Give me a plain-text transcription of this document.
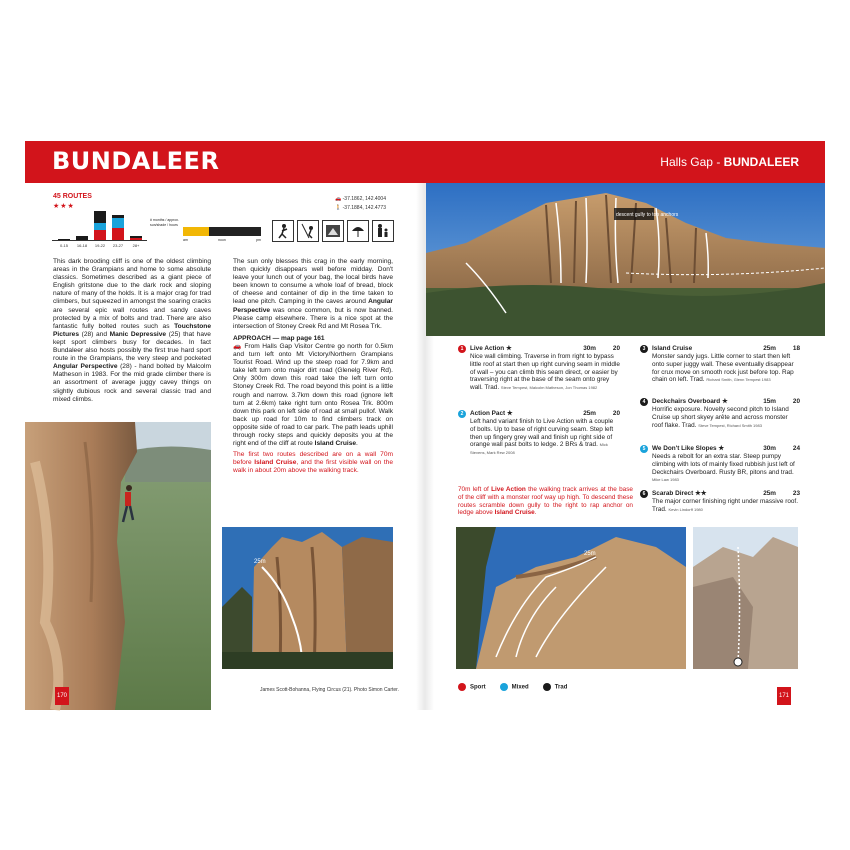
BUNDALEER	Halls Gap - BUNDALEER
45 ROUTES
★★★
0-15	16-18	19-22	23-27	28+
# months / approx. sun/shade / hours
am	noon	pm
🚗 -37.1862, 142.4004
🚶 -37.1884, 142.4773

This dark brooding cliff is one of the oldest climbing areas in the Grampians and home to some absolute classics. Sometimes described as a giant piece of English gritstone due to the dark rock and sloping nature of many of the holds. It is a major crag for trad climbers, but squeezed in amongst the soaring cracks are several epic wall routes and sandy caves protected by a mix of bolts and trad. There are also fantastic fully bolted routes such as Touchstone Pictures (28) and Manic Depressive (25) that have kept sport climbers busy for decades. In fact Bundaleer also hosts possibly the first true hard sport route in the Grampians, the very steep and pocketed Angular Perspective (28) - hand bolted by Malcolm Matheson in 1983. For the mid grade climber there is an assortment of average juggy cavey things on slightly dubious rock and several classic trad and mixed climbs.

170

The sun only blesses this crag in the early morning, then quickly disappears well before midday. Don't leave your lunch out of your bag, the local birds have been known to consume a whole loaf of bread, block of cheese and container of dip in the time taken to lead one pitch. Camping in the caves around Angular Perspective was once common, but is now banned. Please camp elsewhere. There is a nice spot at the intersection of Stoney Creek Rd and Mt Rosea Trk.

APPROACH — map page 161
🚗 From Halls Gap Visitor Centre go north for 0.5km and turn left onto Mt Victory/Northern Grampians Tourist Road. Wind up the steep road for 7.9km and take left turn onto major dirt road (Glenelg River Rd). Only 300m down this road take the left turn onto Stoney Creek Rd. The road beyond this point is a little rough and narrow. 3.7km down this road (ignore left turn at 2.6km) take right turn onto Rosea Trk. 800m down this park on left side of road at small pullof. Walk back up road for 10m to find climbers track on opposite side of road to car park. The path leads uphill through rocky steps and quickly deposits you at the right end of the cliff at route Island Cruise.

The first two routes described are on a wall 70m before Island Cruise, and the first visible wall on the walk in about 20m above the walking track.

25m
James Scott-Bohanna, Flying Circus (21). Photo Simon Carter.
descent gully to top anchors
1	Live Action ★	30m	20
Nice wall climbing. Traverse in from right to bypass little roof at start then up right curving seam in middle of wall – you can climb this seam direct, or easier by traversing right at the base of the seam onto grey wall. Trad. Steve Tempest, Malcolm Matheson, Jon Thomas 1982
2	Action Pact ★	25m	20
Left hand variant finish to Live Action with a couple of bolts. Up to base of right curving seam. Step left then up fingery grey wall and finish up right side of orange wall past bolts to ledge. 2 BRs & trad. Mick Stevens, Mark Rew 2008
3	Island Cruise	25m	18
Monster sandy jugs. Little corner to start then left onto super juggy wall. These eventually disappear for crux move on smooth rock just before top. Rap chain on left. Trad. Richard Smith, Glenn Tempest 1983
4	Deckchairs Overboard ★	15m	20
Horrific exposure. Novelty second pitch to Island Cruise up short skyey arête and across monster roof flake. Trad. Steve Tempest, Richard Smith 1983
5	We Don't Like Slopes ★	30m	24
Needs a rebolt for an extra star. Steep pumpy climbing with lots of mainly fixed rubbish just left of Deckchairs Overboard. Rusty BR, pitons and trad. Mike Law 1983
6	Scarab Direct ★★	25m	23
The major corner finishing right under massive roof. Trad. Kevin Lindorff 1980
70m left of Live Action the walking track arrives at the base of the cliff with a monster roof way up high. To descend these routes scramble down gully to the right to rap anchor on ledge above Island Cruise.
25m
171
Sport	Mixed	Trad
